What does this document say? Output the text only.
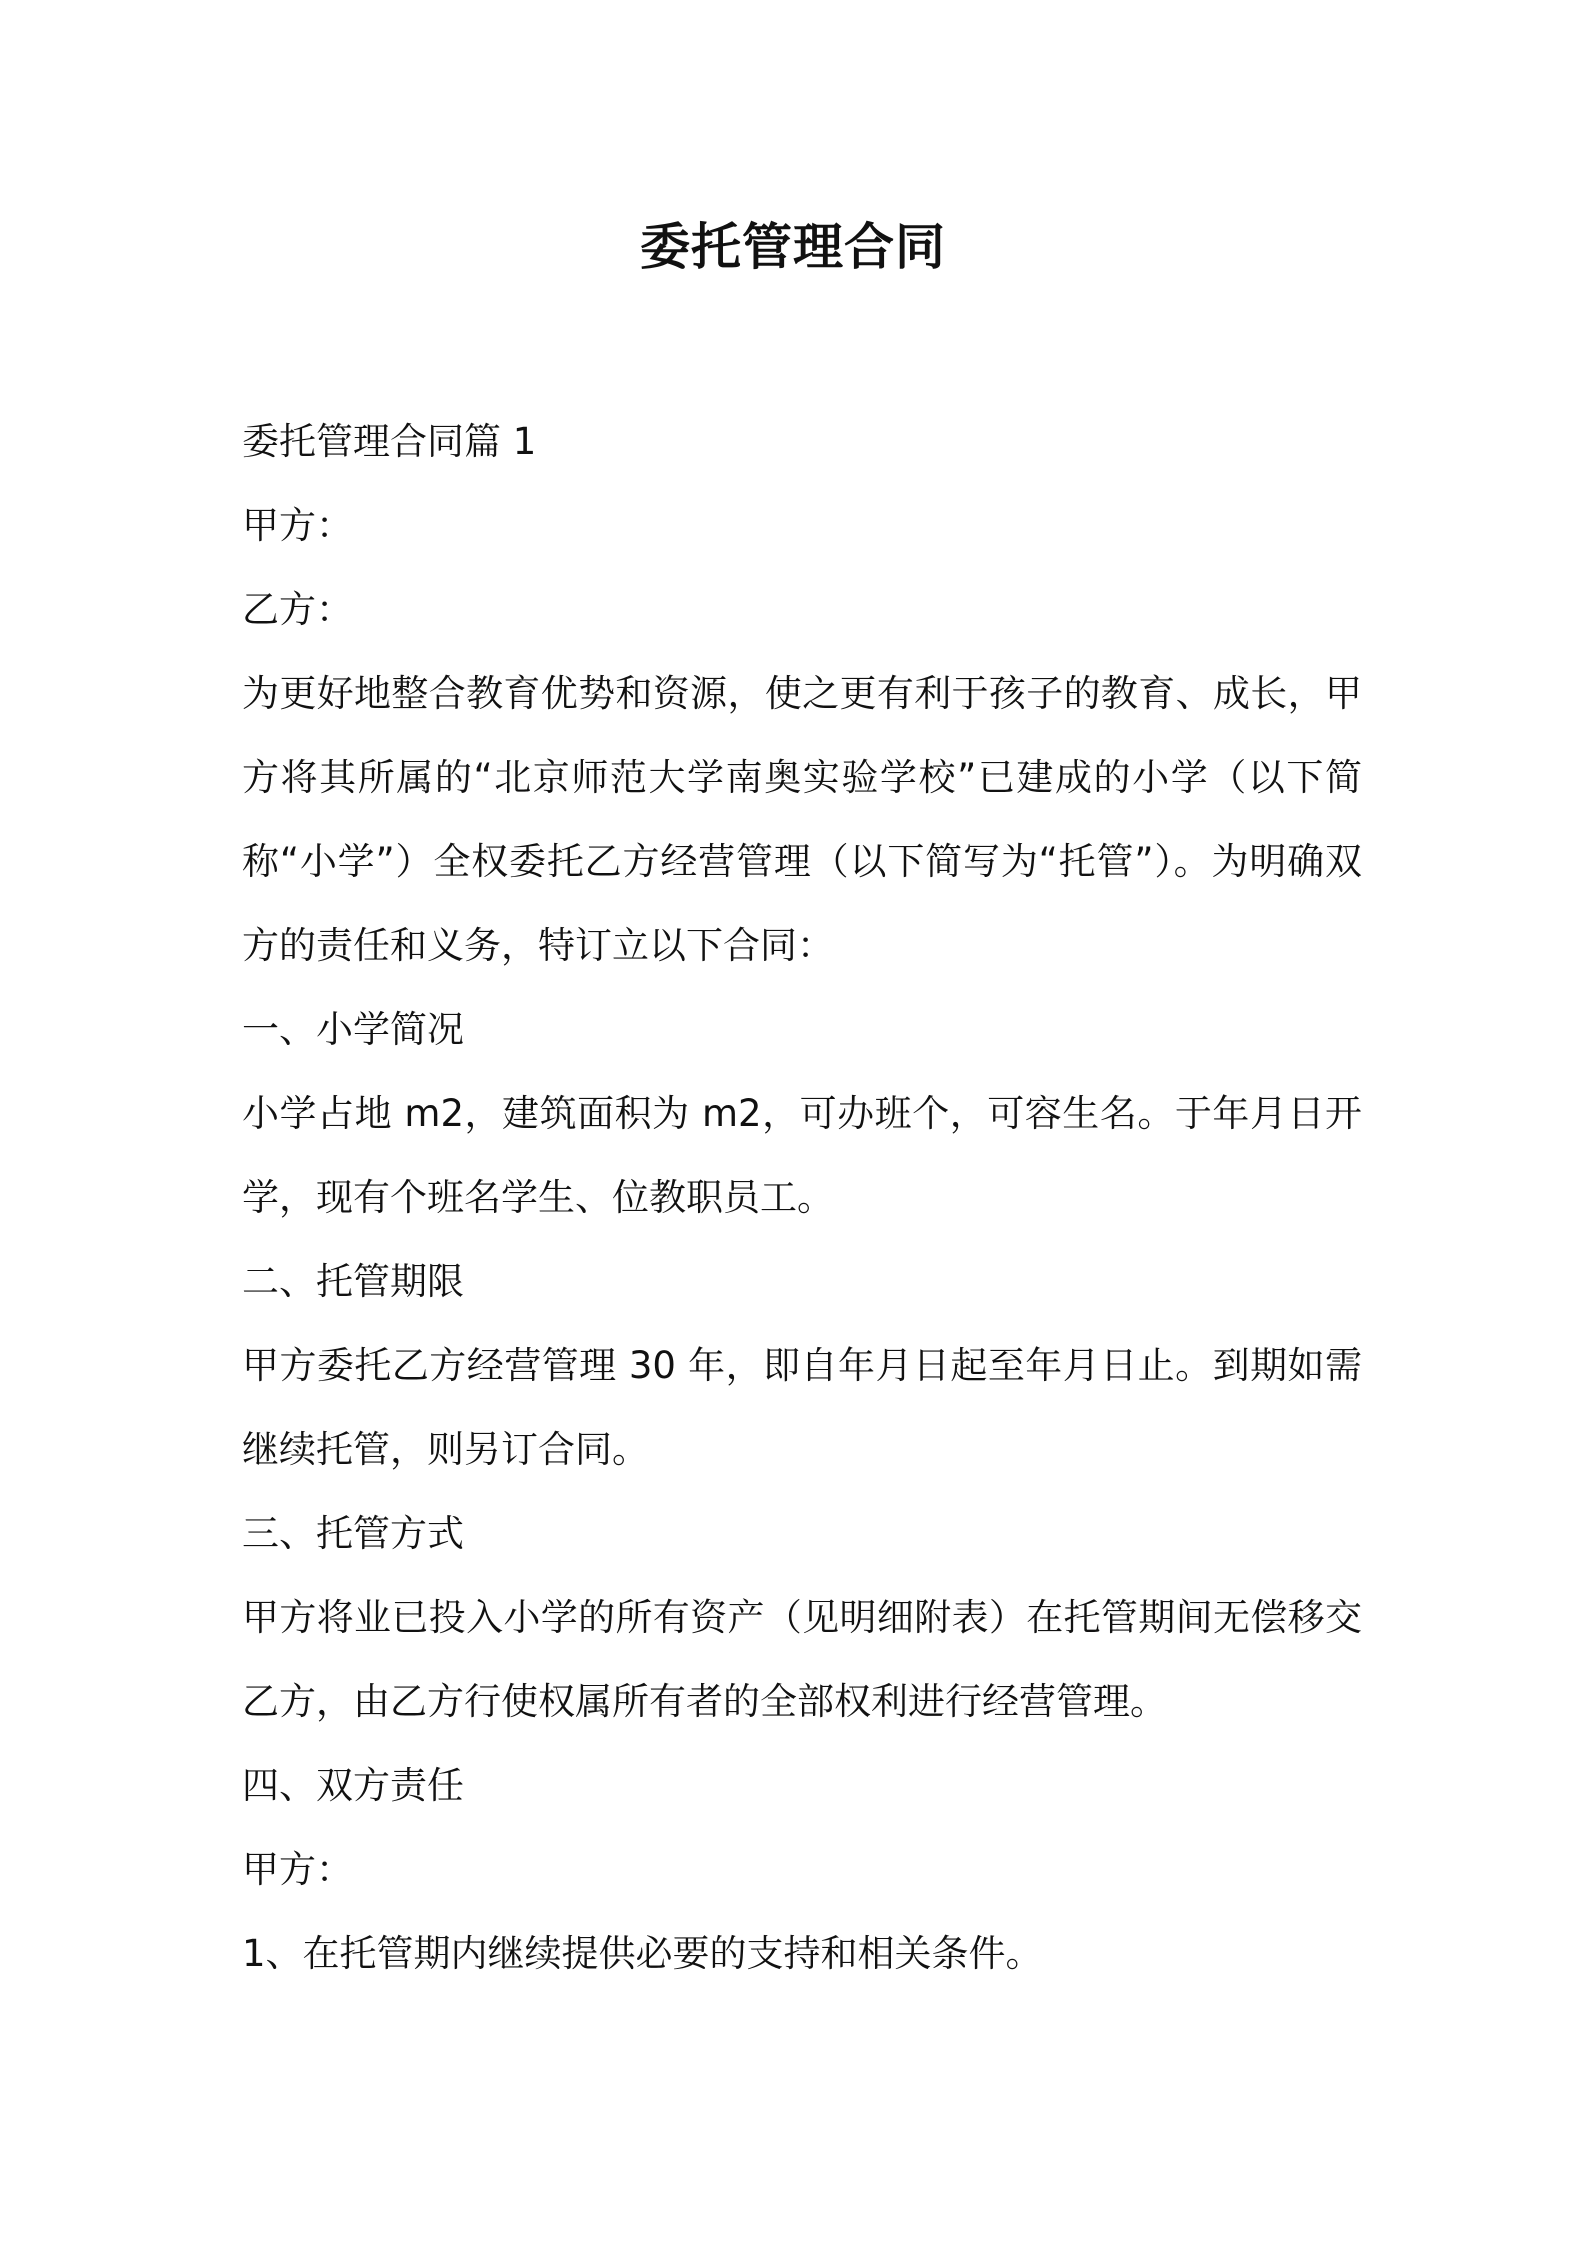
委托管理合同
委托管理合同篇 1
甲方：
乙方：
为更好地整合教育优势和资源，使之更有利于孩子的教育、成长，甲方将其所属的“北京师范大学南奥实验学校”已建成的小学（以下简称“小学”）全权委托乙方经营管理（以下简写为“托管”）。为明确双方的责任和义务，特订立以下合同：
一、小学简况
小学占地 m2，建筑面积为 m2，可办班个，可容生名。于年月日开学，现有个班名学生、位教职员工。
二、托管期限
甲方委托乙方经营管理 30 年，即自年月日起至年月日止。到期如需继续托管，则另订合同。
三、托管方式
甲方将业已投入小学的所有资产（见明细附表）在托管期间无偿移交乙方，由乙方行使权属所有者的全部权利进行经营管理。
四、双方责任
甲方：
1、在托管期内继续提供必要的支持和相关条件。
